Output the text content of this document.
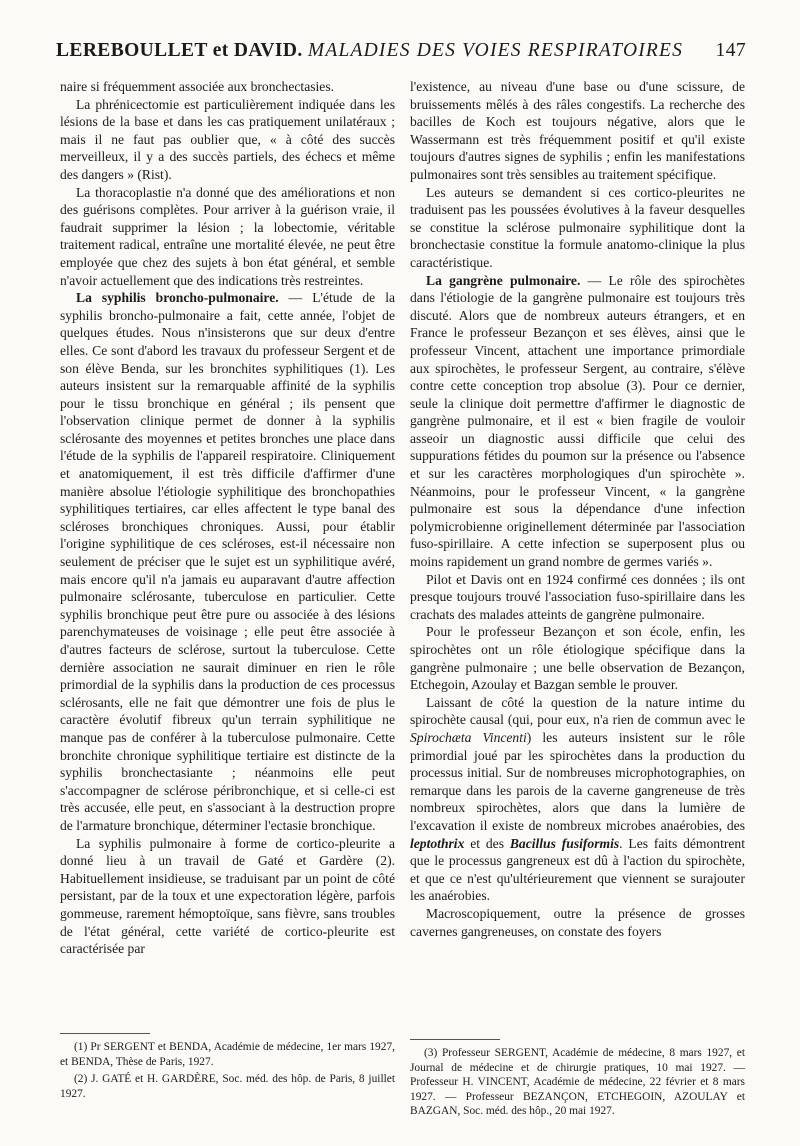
LEREBOULLET et DAVID. MALADIES DES VOIES RESPIRATOIRES 147

naire si fréquemment associée aux bronchectasies.

La phrénicectomie est particulièrement indiquée dans les lésions de la base et dans les cas pratiquement unilatéraux ; mais il ne faut pas oublier que, « à côté des succès merveilleux, il y a des succès partiels, des échecs et même des dangers » (Rist).

La thoracoplastie n'a donné que des améliorations et non des guérisons complètes. Pour arriver à la guérison vraie, il faudrait supprimer la lésion ; la lobectomie, véritable traitement radical, entraîne une mortalité élevée, ne peut être employée que chez des sujets à bon état général, et semble n'avoir actuellement que des indications très restreintes.

La syphilis broncho-pulmonaire. — L'étude de la syphilis broncho-pulmonaire a fait, cette année, l'objet de quelques études. Nous n'insisterons que sur deux d'entre elles. Ce sont d'abord les travaux du professeur Sergent et de son élève Benda, sur les bronchites syphilitiques (1). Les auteurs insistent sur la remarquable affinité de la syphilis pour le tissu bronchique en général ; ils pensent que l'observation clinique permet de donner à la syphilis sclérosante des moyennes et petites bronches une place dans l'étude de la syphilis de l'appareil respiratoire. Cliniquement et anatomiquement, il est très difficile d'affirmer d'une manière absolue l'étiologie syphilitique des bronchopathies syphilitiques tertiaires, car elles affectent le type banal des scléroses bronchiques chroniques. Aussi, pour établir l'origine syphilitique de ces scléroses, est-il nécessaire non seulement de préciser que le sujet est un syphilitique avéré, mais encore qu'il n'a jamais eu auparavant d'autre affection pulmonaire sclérosante, tuberculose en particulier. Cette syphilis bronchique peut être pure ou associée à des lésions parenchymateuses de voisinage ; elle peut être associée à d'autres facteurs de sclérose, surtout la tuberculose. Cette dernière association ne saurait diminuer en rien le rôle primordial de la syphilis dans la production de ces processus sclérosants, elle ne fait que démontrer une fois de plus le caractère évolutif fibreux qu'un terrain syphilitique ne manque pas de conférer à la tuberculose pulmonaire. Cette bronchite chronique syphilitique tertiaire est distincte de la syphilis bronchectasiante ; néanmoins elle peut s'accompagner de sclérose péribronchique, et si celle-ci est très accusée, elle peut, en s'associant à la destruction propre de l'armature bronchique, déterminer l'ectasie bronchique.

La syphilis pulmonaire à forme de cortico-pleurite a donné lieu à un travail de Gaté et Gardère (2). Habituellement insidieuse, se traduisant par un point de côté persistant, par de la toux et une expectoration légère, parfois gommeuse, rarement hémoptoïque, sans fièvre, sans troubles de l'état général, cette variété de cortico-pleurite est caractérisée par

l'existence, au niveau d'une base ou d'une scissure, de bruissements mêlés à des râles congestifs. La recherche des bacilles de Koch est toujours négative, alors que le Wassermann est très fréquemment positif et qu'il existe toujours d'autres signes de syphilis ; enfin les manifestations pulmonaires sont très sensibles au traitement spécifique.

Les auteurs se demandent si ces cortico-pleurites ne traduisent pas les poussées évolutives à la faveur desquelles se constitue la sclérose pulmonaire syphilitique dont la bronchectasie constitue la formule anatomo-clinique la plus caractéristique.

La gangrène pulmonaire. — Le rôle des spirochètes dans l'étiologie de la gangrène pulmonaire est toujours très discuté. Alors que de nombreux auteurs étrangers, et en France le professeur Bezançon et ses élèves, ainsi que le professeur Vincent, attachent une importance primordiale aux spirochètes, le professeur Sergent, au contraire, s'élève contre cette conception trop absolue (3). Pour ce dernier, seule la clinique doit permettre d'affirmer le diagnostic de gangrène pulmonaire, et il est « bien fragile de vouloir asseoir un diagnostic aussi difficile que celui des suppurations fétides du poumon sur la présence ou l'absence et sur les caractères morphologiques d'un spirochète ». Néanmoins, pour le professeur Vincent, « la gangrène pulmonaire est sous la dépendance d'une infection polymicrobienne originellement déterminée par l'association fuso-spirillaire. A cette infection se superposent plus ou moins rapidement un grand nombre de germes variés ».

Pilot et Davis ont en 1924 confirmé ces données ; ils ont presque toujours trouvé l'association fuso-spirillaire dans les crachats des malades atteints de gangrène pulmonaire.

Pour le professeur Bezançon et son école, enfin, les spirochètes ont un rôle étiologique spécifique dans la gangrène pulmonaire ; une belle observation de Bezançon, Etchegoin, Azoulay et Bazgan semble le prouver.

Laissant de côté la question de la nature intime du spirochète causal (qui, pour eux, n'a rien de commun avec le Spirochæta Vincenti) les auteurs insistent sur le rôle primordial joué par les spirochètes dans la production du processus initial. Sur de nombreuses microphotographies, on remarque dans les parois de la caverne gangreneuse de très nombreux spirochètes, alors que dans la lumière de l'excavation il existe de nombreux microbes anaérobies, des leptothrix et des Bacillus fusiformis. Les faits démontrent que le processus gangreneux est dû à l'action du spirochète, et que ce n'est qu'ultérieurement que viennent se surajouter les anaérobies.

Macroscopiquement, outre la présence de grosses cavernes gangreneuses, on constate des foyers

(1) Pr SERGENT et BENDA, Académie de médecine, 1er mars 1927, et BENDA, Thèse de Paris, 1927.

(2) J. GATÉ et H. GARDÈRE, Soc. méd. des hôp. de Paris, 8 juillet 1927.

(3) Professeur SERGENT, Académie de médecine, 8 mars 1927, et Journal de médecine et de chirurgie pratiques, 10 mai 1927. — Professeur H. VINCENT, Académie de médecine, 22 février et 8 mars 1927. — Professeur BEZANÇON, ETCHEGOIN, AZOULAY et BAZGAN, Soc. méd. des hôp., 20 mai 1927.
